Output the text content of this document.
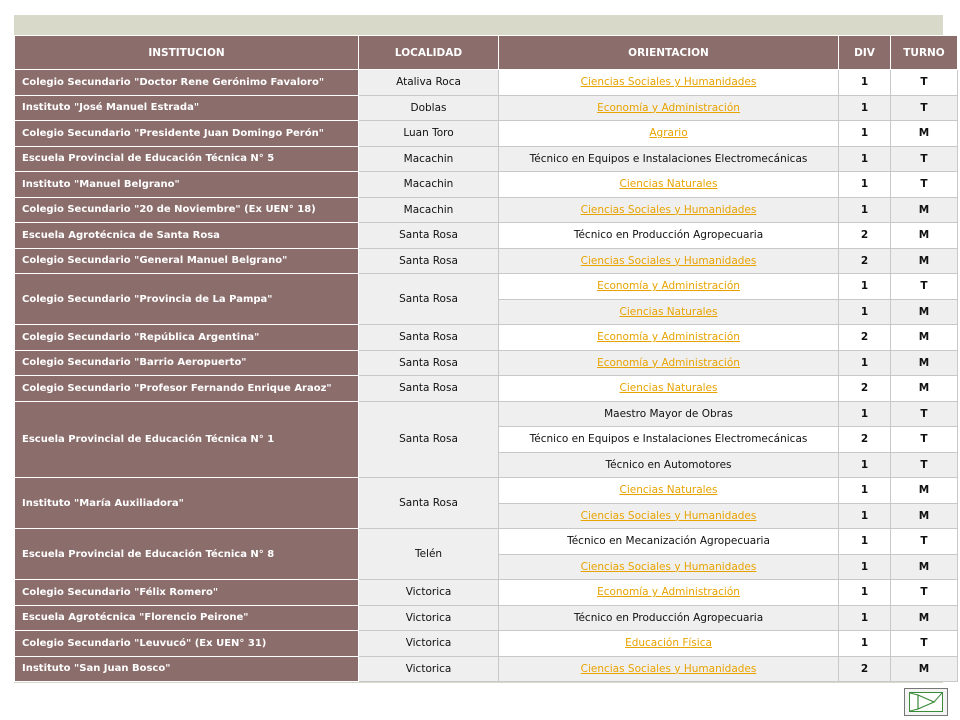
INSTITUCION	LOCALIDAD	ORIENTACION	DIV	TURNO
Colegio Secundario "Doctor Rene Gerónimo Favaloro"	Ataliva Roca	Ciencias Sociales y Humanidades	1	T
Instituto "José Manuel Estrada"	Doblas	Economía y Administración	1	T
Colegio Secundario "Presidente Juan Domingo Perón"	Luan Toro	Agrario	1	M
Escuela Provincial de Educación Técnica N° 5	Macachin	Técnico en Equipos e Instalaciones Electromecánicas	1	T
Instituto "Manuel Belgrano"	Macachin	Ciencias Naturales	1	T
Colegio Secundario "20 de Noviembre" (Ex UEN° 18)	Macachin	Ciencias Sociales y Humanidades	1	M
Escuela Agrotécnica de Santa Rosa	Santa Rosa	Técnico en Producción Agropecuaria	2	M
Colegio Secundario "General Manuel Belgrano"	Santa Rosa	Ciencias Sociales y Humanidades	2	M
Colegio Secundario "Provincia de La Pampa"	Santa Rosa	Economía y Administración	1	T
		Ciencias Naturales	1	M
Colegio Secundario "República Argentina"	Santa Rosa	Economía y Administración	2	M
Colegio Secundario "Barrio Aeropuerto"	Santa Rosa	Economía y Administración	1	M
Colegio Secundario "Profesor Fernando Enrique Araoz"	Santa Rosa	Ciencias Naturales	2	M
Escuela Provincial de Educación Técnica N° 1	Santa Rosa	Maestro Mayor de Obras	1	T
		Técnico en Equipos e Instalaciones Electromecánicas	2	T
		Técnico en Automotores	1	T
Instituto "María Auxiliadora"	Santa Rosa	Ciencias Naturales	1	M
		Ciencias Sociales y Humanidades	1	M
Escuela Provincial de Educación Técnica N° 8	Telén	Técnico en Mecanización Agropecuaria	1	T
		Ciencias Sociales y Humanidades	1	M
Colegio Secundario "Félix Romero"	Victorica	Economía y Administración	1	T
Escuela Agrotécnica "Florencio Peirone"	Victorica	Técnico en Producción Agropecuaria	1	M
Colegio Secundario "Leuvucó" (Ex UEN° 31)	Victorica	Educación Física	1	T
Instituto "San Juan Bosco"	Victorica	Ciencias Sociales y Humanidades	2	M
